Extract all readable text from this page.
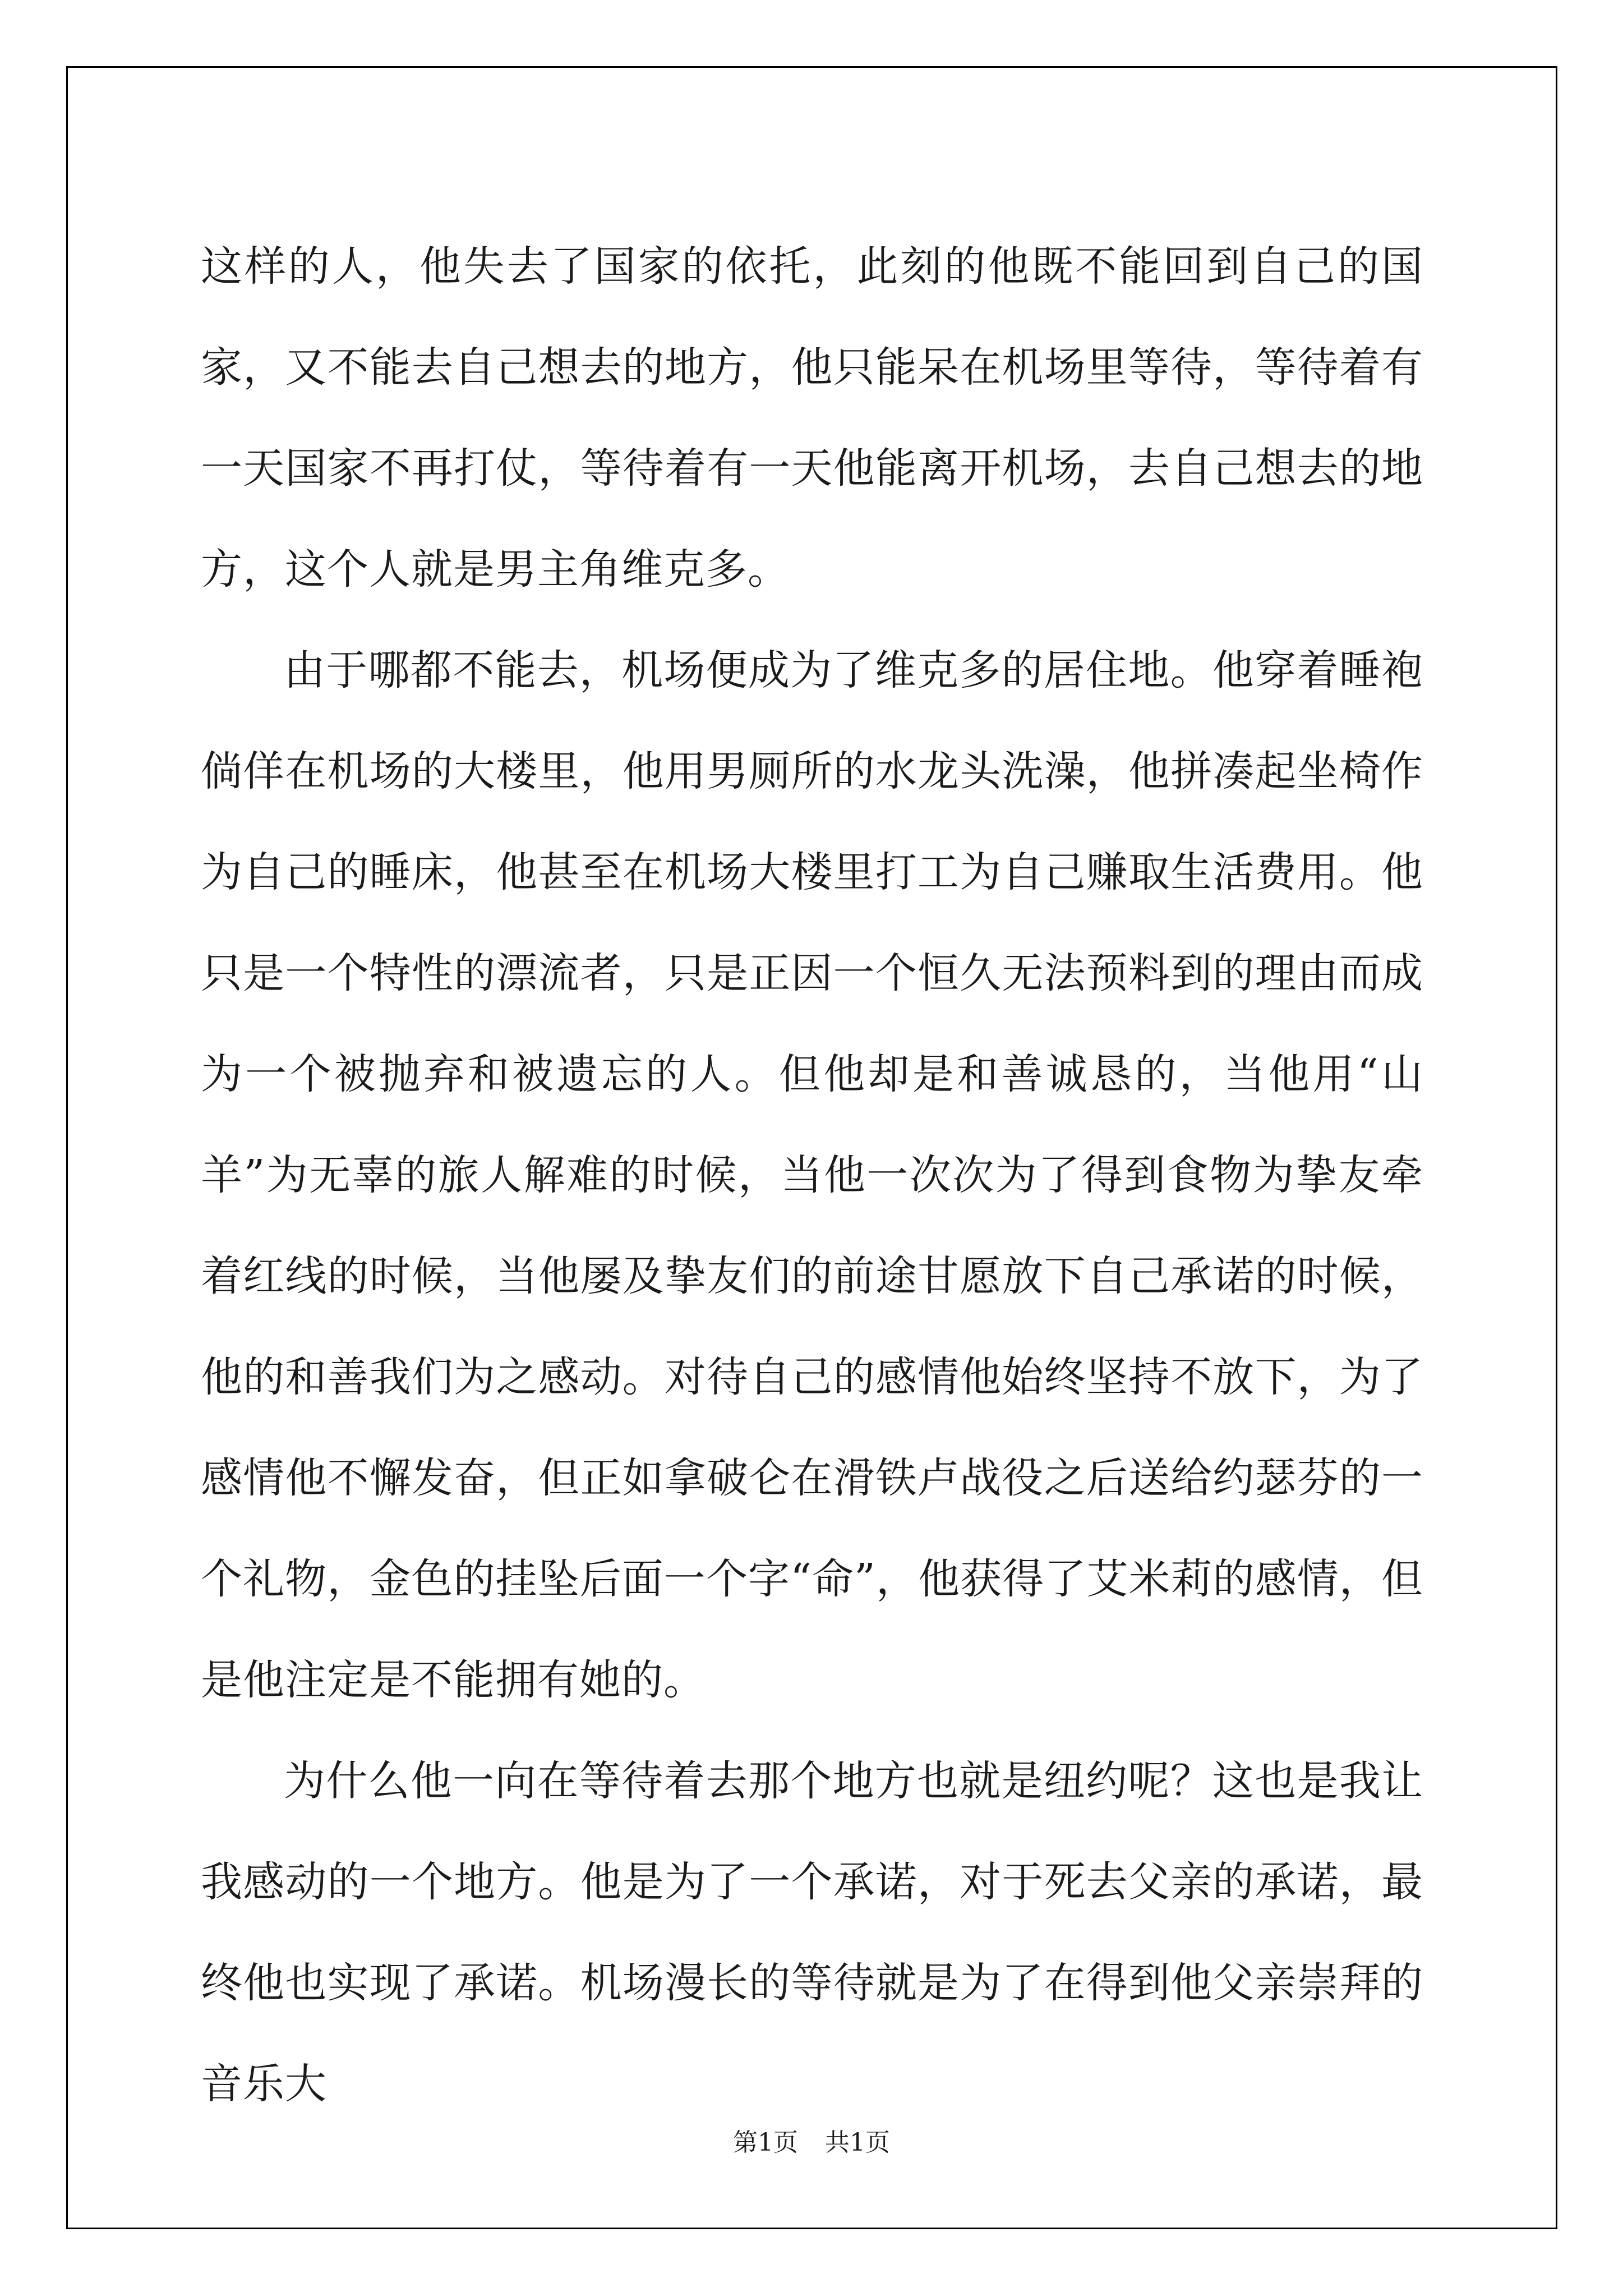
这样的人，他失去了国家的依托，此刻的他既不能回到自己的国家，又不能去自己想去的地方，他只能呆在机场里等待，等待着有一天国家不再打仗，等待着有一天他能离开机场，去自己想去的地方，这个人就是男主角维克多。

由于哪都不能去，机场便成为了维克多的居住地。他穿着睡袍倘佯在机场的大楼里，他用男厕所的水龙头洗澡，他拼凑起坐椅作为自己的睡床，他甚至在机场大楼里打工为自己赚取生活费用。他只是一个特性的漂流者，只是正因一个恒久无法预料到的理由而成为一个被抛弃和被遗忘的人。但他却是和善诚恳的，当他用“山羊”为无辜的旅人解难的时候，当他一次次为了得到食物为挚友牵着红线的时候，当他屡及挚友们的前途甘愿放下自己承诺的时候，他的和善我们为之感动。对待自己的感情他始终坚持不放下，为了感情他不懈发奋，但正如拿破仑在滑铁卢战役之后送给约瑟芬的一个礼物，金色的挂坠后面一个字“命”，他获得了艾米莉的感情，但是他注定是不能拥有她的。

为什么他一向在等待着去那个地方也就是纽约呢？这也是我让我感动的一个地方。他是为了一个承诺，对于死去父亲的承诺，最终他也实现了承诺。机场漫长的等待就是为了在得到他父亲崇拜的音乐大

第1页 共1页
